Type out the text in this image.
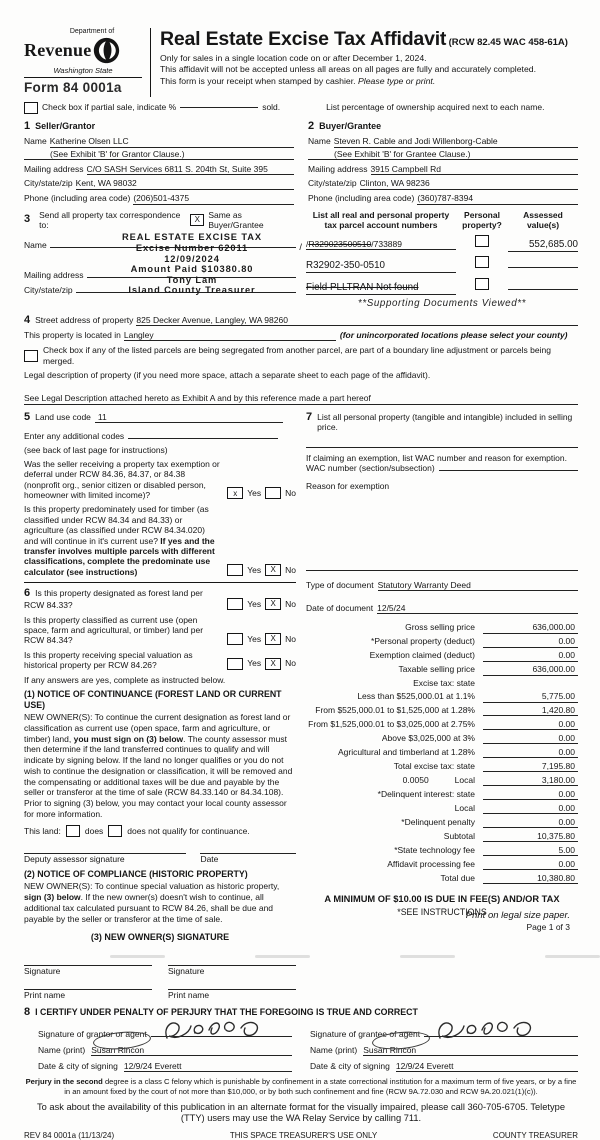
Department of
Revenue
Washington State
Form 84 0001a
Real Estate Excise Tax Affidavit (RCW 82.45 WAC 458-61A)
Only for sales in a single location code on or after December 1, 2024.
This affidavit will not be accepted unless all areas on all pages are fully and accurately completed.
This form is your receipt when stamped by cashier. Please type or print.
Check box if partial sale, indicate %	sold.	List percentage of ownership acquired next to each name.
1 Seller/Grantor
Name Katherine Olsen LLC
(See Exhibit 'B' for Grantor Clause.)
Mailing address C/O SASH Services 6811 S. 204th St, Suite 395
City/state/zip Kent, WA 98032
Phone (including area code) (206)501-4375
2 Buyer/Grantee
Name Steven R. Cable and Jodi Willenborg-Cable
(See Exhibit 'B' for Grantee Clause.)
Mailing address 3915 Campbell Rd
City/state/zip Clinton, WA 98236
Phone (including area code) (360)787-8394
3 Send all property tax correspondence to:
X Same as Buyer/Grantee
Name
Mailing address
City/state/zip
REAL ESTATE EXCISE TAX
Excise Number 62011
12/09/2024
Amount Paid $10380.80
Tony Lam
Island County Treasurer
/
List all real and personal property
tax parcel account numbers
Personal
property?
Assessed
value(s)
/R329023500510/733889	552,685.00
R32902-350-0510
Field PLLTRAN Not found
**Supporting Documents Viewed**
4 Street address of property 825 Decker Avenue, Langley, WA 98260
This property is located in Langley	(for unincorporated locations please select your county)
Check box if any of the listed parcels are being segregated from another parcel, are part of a boundary line adjustment or parcels being merged.
Legal description of property (if you need more space, attach a separate sheet to each page of the affidavit).
See Legal Description attached hereto as Exhibit A and by this reference made a part hereof
5 Land use code 11
Enter any additional codes
(see back of last page for instructions)
Was the seller receiving a property tax exemption or deferral under RCW 84.36, 84.37, or 84.38 (nonprofit org., senior citizen or disabled person, homeowner with limited income)?	x	Yes	No
Is this property predominately used for timber (as classified under RCW 84.34 and 84.33) or agriculture (as classified under RCW 84.34.020) and will continue in it's current use? If yes and the transfer involves multiple parcels with different classifications, complete the predominate use calculator (see instructions)	Yes	X	No
6 Is this property designated as forest land per RCW 84.33?	Yes	X	No
Is this property classified as current use (open space, farm and agricultural, or timber) land per RCW 84.34?	Yes	X	No
Is this property receiving special valuation as historical property per RCW 84.26?	Yes	X	No
If any answers are yes, complete as instructed below.
(1) NOTICE OF CONTINUANCE (FOREST LAND OR CURRENT USE)
NEW OWNER(S): To continue the current designation as forest land or classification as current use (open space, farm and agriculture, or timber) land, you must sign on (3) below. The county assessor must then determine if the land transferred continues to qualify and will indicate by signing below. If the land no longer qualifies or you do not wish to continue the designation or classification, it will be removed and the compensating or additional taxes will be due and payable by the seller or transferor at the time of sale (RCW 84.33.140 or 84.34.108). Prior to signing (3) below, you may contact your local county assessor for more information.
This land:	does	does not qualify for continuance.
Deputy assessor signature	Date
(2) NOTICE OF COMPLIANCE (HISTORIC PROPERTY)
NEW OWNER(S): To continue special valuation as historic property, sign (3) below. If the new owner(s) doesn't wish to continue, all additional tax calculated pursuant to RCW 84.26, shall be due and payable by the seller or transferor at the time of sale.
(3) NEW OWNER(S) SIGNATURE
Signature	Signature
Print name	Print name
7 List all personal property (tangible and intangible) included in selling price.
If claiming an exemption, list WAC number and reason for exemption.
WAC number (section/subsection)
Reason for exemption
Type of document Statutory Warranty Deed
Date of document 12/5/24
Gross selling price	636,000.00
*Personal property (deduct)	0.00
Exemption claimed (deduct)	0.00
Taxable selling price	636,000.00
Excise tax: state
Less than $525,000.01 at 1.1%	5,775.00
From $525,000.01 to $1,525,000 at 1.28%	1,420.80
From $1,525,000.01 to $3,025,000 at 2.75%	0.00
Above $3,025,000 at 3%	0.00
Agricultural and timberland at 1.28%	0.00
Total excise tax: state	7,195.80
0.0050	Local	3,180.00
*Delinquent interest: state	0.00
Local	0.00
*Delinquent penalty	0.00
Subtotal	10,375.80
*State technology fee	5.00
Affidavit processing fee	0.00
Total due	10,380.80
A MINIMUM OF $10.00 IS DUE IN FEE(S) AND/OR TAX
*SEE INSTRUCTIONS
8 I CERTIFY UNDER PENALTY OF PERJURY THAT THE FOREGOING IS TRUE AND CORRECT
Signature of grantor or agent
Name (print) Susan Rincon
Date & city of signing 12/9/24 Everett
Signature of grantee of agent
Name (print) Susan Rincon
Date & city of signing 12/9/24 Everett
Perjury in the second degree is a class C felony which is punishable by confinement in a state correctional institution for a maximum term of five years, or by a fine in an amount fixed by the court of not more than $10,000, or by both such confinement and fine (RCW 9A.72.030 and RCW 9A.20.021(1)(c)).
To ask about the availability of this publication in an alternate format for the visually impaired, please call 360-705-6705. Teletype (TTY) users may use the WA Relay Service by calling 711.
REV 84 0001a (11/13/24)	THIS SPACE TREASURER'S USE ONLY	COUNTY TREASURER
Print on legal size paper.
Page 1 of 3
